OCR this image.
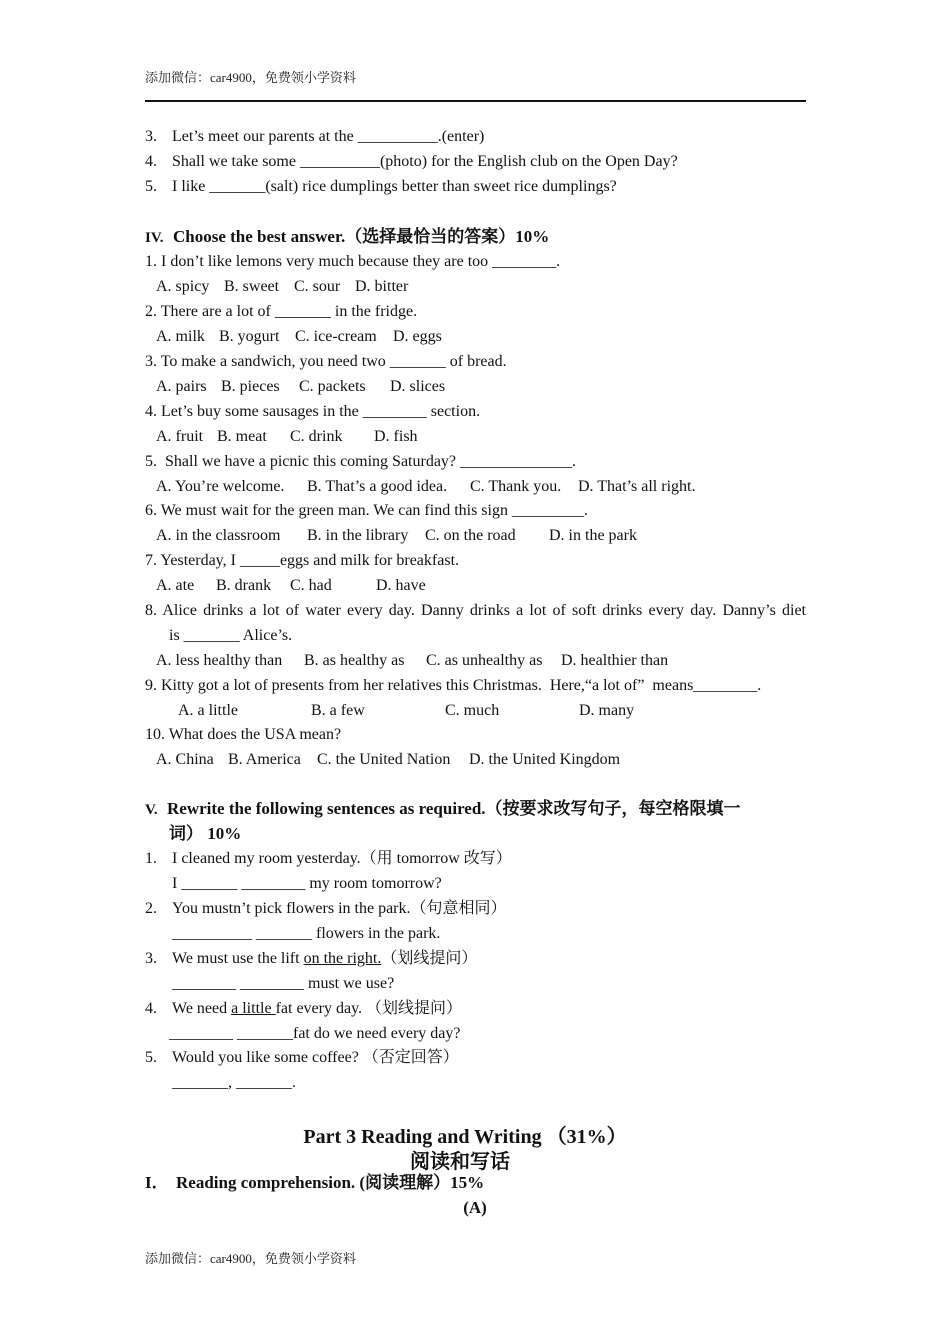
添加微信：car4900，免费领小学资料
3. Let’s meet our parents at the __________.(enter)
4. Shall we take some __________(photo) for the English club on the Open Day?
5. I like _______(salt) rice dumplings better than sweet rice dumplings?
IV. Choose the best answer.（选择最恰当的答案）10%
1. I don’t like lemons very much because they are too ________.
A. spicy B. sweet C. sour D. bitter
2. There are a lot of _______ in the fridge.
A. milk B. yogurt C. ice-cream D. eggs
3. To make a sandwich, you need two _______ of bread.
A. pairs B. pieces C. packets D. slices
4. Let’s buy some sausages in the ________ section.
A. fruit B. meat C. drink D. fish
5.  Shall we have a picnic this coming Saturday? ______________.
A. You’re welcome. B. That’s a good idea. C. Thank you. D. That’s all right.
6. We must wait for the green man. We can find this sign _________.
A. in the classroom B. in the library C. on the road D. in the park
7. Yesterday, I _____eggs and milk for breakfast.
A. ate B. drank C. had	D. have
8. Alice drinks a lot of water every day. Danny drinks a lot of soft drinks every day. Danny’s diet
is _______ Alice’s.
A. less healthy than B. as healthy as C. as unhealthy as D. healthier than
9. Kitty got a lot of presents from her relatives this Christmas.  Here,“a lot of”  means________.
A. a little	B. a few	C. much	D. many
10. What does the USA mean?
A. China B. America C. the United Nation D. the United Kingdom
V. Rewrite the following sentences as required.（按要求改写句子，每空格限填一
词） 10%
1. I cleaned my room yesterday.（用 tomorrow 改写）
I _______ ________ my room tomorrow?
2. You mustn’t pick flowers in the park.（句意相同）
__________ _______ flowers in the park.
3. We must use the lift on the right.（划线提问）
________ ________ must we use?
4. We need a little fat every day. （划线提问）
________ _______fat do we need every day?
5. Would you like some coffee? （否定回答）
_______, _______.
Part 3 Reading and Writing （31%）
阅读和写话
I． Reading comprehension. (阅读理解）15%
(A)
添加微信：car4900，免费领小学资料
